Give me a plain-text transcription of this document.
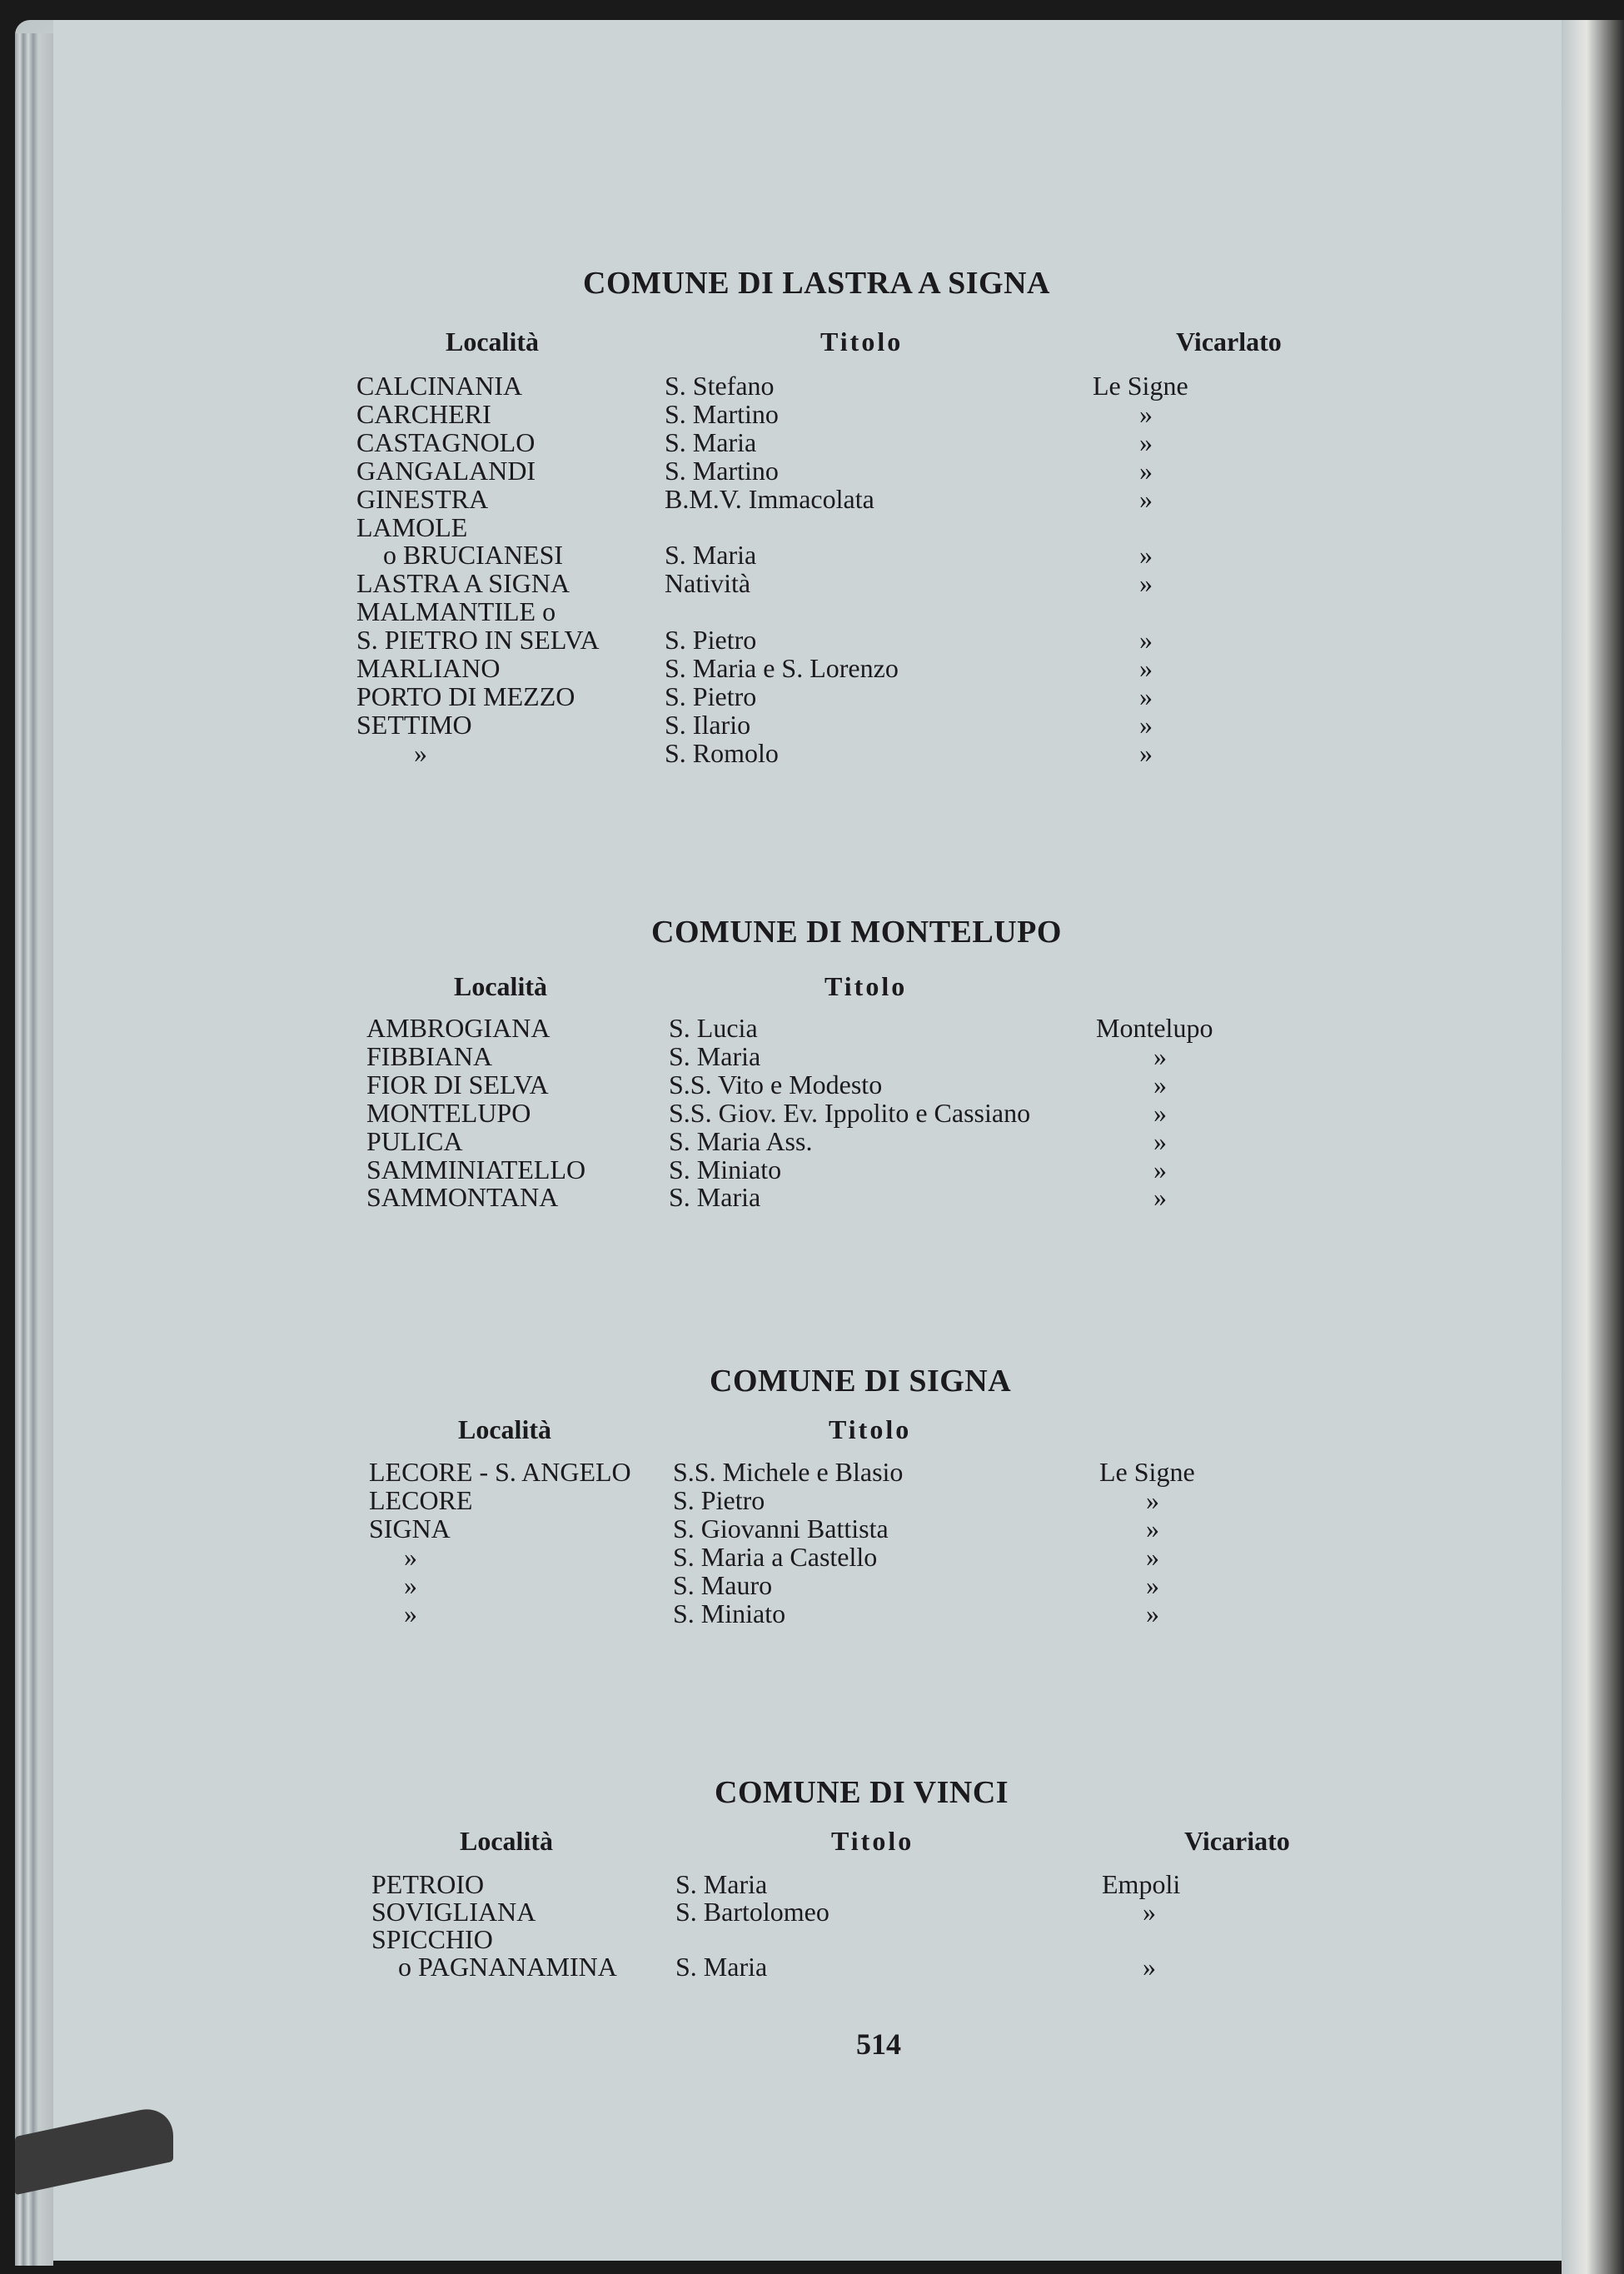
COMUNE DI LASTRA A SIGNA
Località	Titolo	Vicarlato
CALCINANIA	S. Stefano	Le Signe
CARCHERI	S. Martino	»
CASTAGNOLO	S. Maria	»
GANGALANDI	S. Martino	»
GINESTRA	B.M.V. Immacolata	»
LAMOLE
o BRUCIANESI	S. Maria	»
LASTRA A SIGNA	Natività	»
MALMANTILE o
S. PIETRO IN SELVA S. Pietro	»
MARLIANO	S. Maria e S. Lorenzo	»
PORTO DI MEZZO	S. Pietro	»
SETTIMO	S. Ilario	»
»	S. Romolo	»
COMUNE DI MONTELUPO
Località	Titolo
AMBROGIANA	S. Lucia	Montelupo
FIBBIANA	S. Maria	»
FIOR DI SELVA	S.S. Vito e Modesto	»
MONTELUPO	S.S. Giov. Ev. Ippolito e Cassiano	»
PULICA	S. Maria Ass.	»
SAMMINIATELLO	S. Miniato	»
SAMMONTANA	S. Maria	»
COMUNE DI SIGNA
Località	Titolo
LECORE - S. ANGELO S.S. Michele e Blasio	Le Signe
LECORE	S. Pietro	»
SIGNA	S. Giovanni Battista	»
»	S. Maria a Castello	»
»	S. Mauro	»
»	S. Miniato	»
COMUNE DI VINCI
Località	Titolo	Vicariato
PETROIO	S. Maria	Empoli
SOVIGLIANA	S. Bartolomeo	»
SPICCHIO
o PAGNANAMINA S. Maria	»
514
